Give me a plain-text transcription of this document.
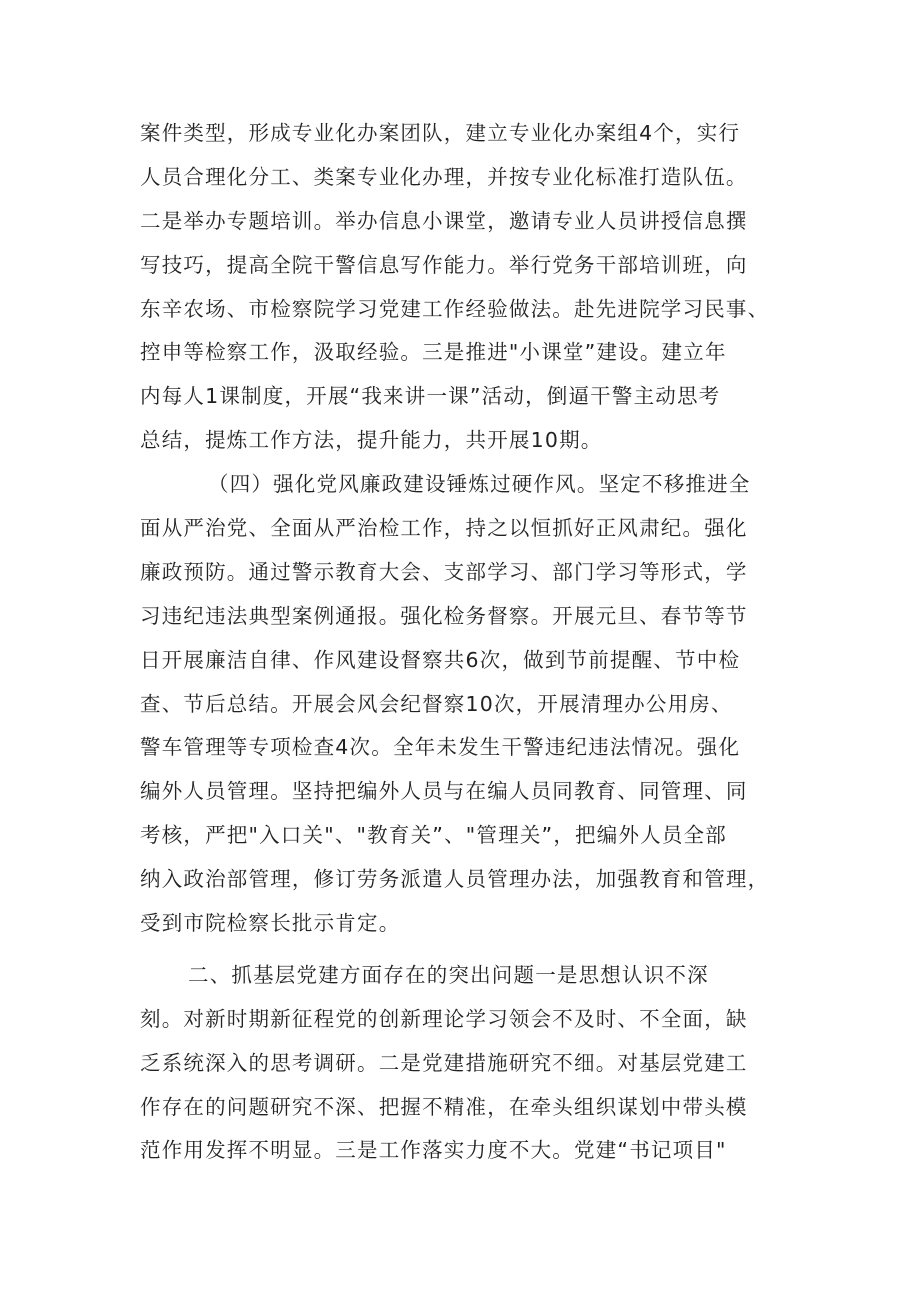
案件类型，形成专业化办案团队，建立专业化办案组4个，实行
人员合理化分工、类案专业化办理，并按专业化标准打造队伍。
二是举办专题培训。举办信息小课堂，邀请专业人员讲授信息撰
写技巧，提高全院干警信息写作能力。举行党务干部培训班，向
东辛农场、市检察院学习党建工作经验做法。赴先进院学习民事、
控申等检察工作，汲取经验。三是推进"小课堂”建设。建立年
内每人1课制度，开展“我来讲一课”活动，倒逼干警主动思考
总结，提炼工作方法，提升能力，共开展10期。
（四）强化党风廉政建设锤炼过硬作风。坚定不移推进全
面从严治党、全面从严治检工作，持之以恒抓好正风肃纪。强化
廉政预防。通过警示教育大会、支部学习、部门学习等形式，学
习违纪违法典型案例通报。强化检务督察。开展元旦、春节等节
日开展廉洁自律、作风建设督察共6次，做到节前提醒、节中检
查、节后总结。开展会风会纪督察10次，开展清理办公用房、
警车管理等专项检查4次。全年未发生干警违纪违法情况。强化
编外人员管理。坚持把编外人员与在编人员同教育、同管理、同
考核，严把"入口关"、"教育关”、"管理关”，把编外人员全部
纳入政治部管理，修订劳务派遣人员管理办法，加强教育和管理，
受到市院检察长批示肯定。
二、抓基层党建方面存在的突出问题一是思想认识不深
刻。对新时期新征程党的创新理论学习领会不及时、不全面，缺
乏系统深入的思考调研。二是党建措施研究不细。对基层党建工
作存在的问题研究不深、把握不精准，在牵头组织谋划中带头模
范作用发挥不明显。三是工作落实力度不大。党建“书记项目"
